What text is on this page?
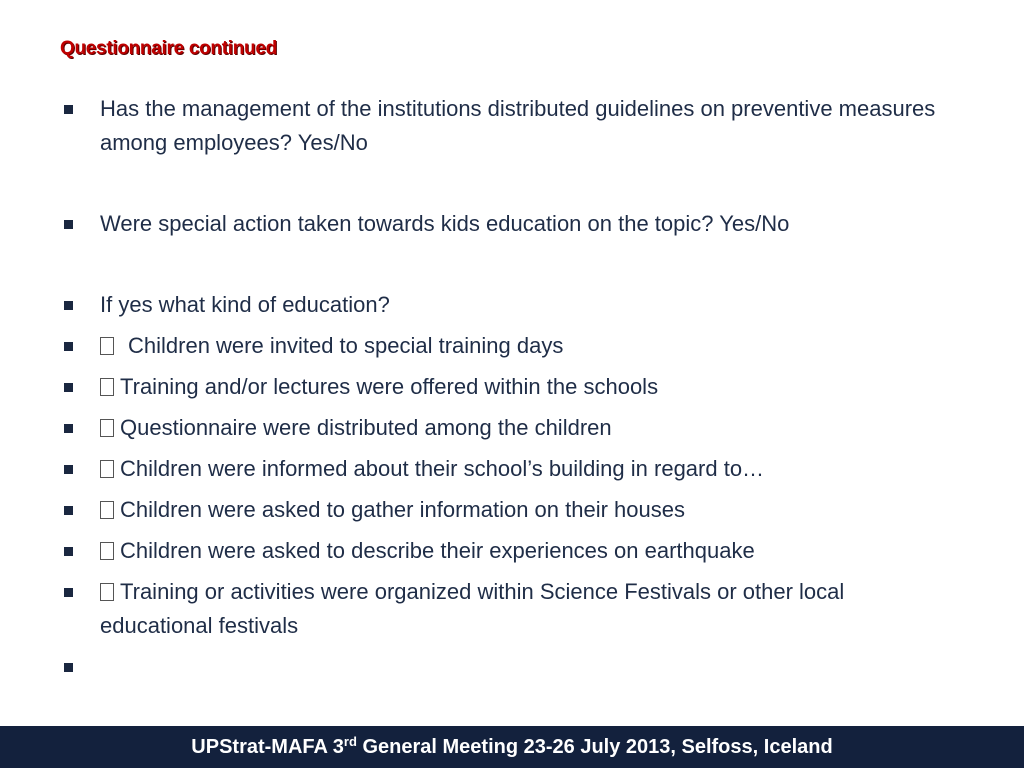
Questionnaire continued
Has the management of the institutions distributed guidelines on preventive measures among employees? Yes/No
Were special action taken towards kids education on the topic? Yes/No
If yes what kind of education?
Children were invited to special training days
Training and/or lectures were offered within the schools
Questionnaire were distributed among the children
Children were informed about their school’s building in regard to…
Children were asked to gather information on their houses
Children were asked to describe their experiences on earthquake
Training or activities were organized within Science Festivals or other local educational festivals

UPStrat-MAFA 3rd General Meeting 23-26 July 2013, Selfoss, Iceland
